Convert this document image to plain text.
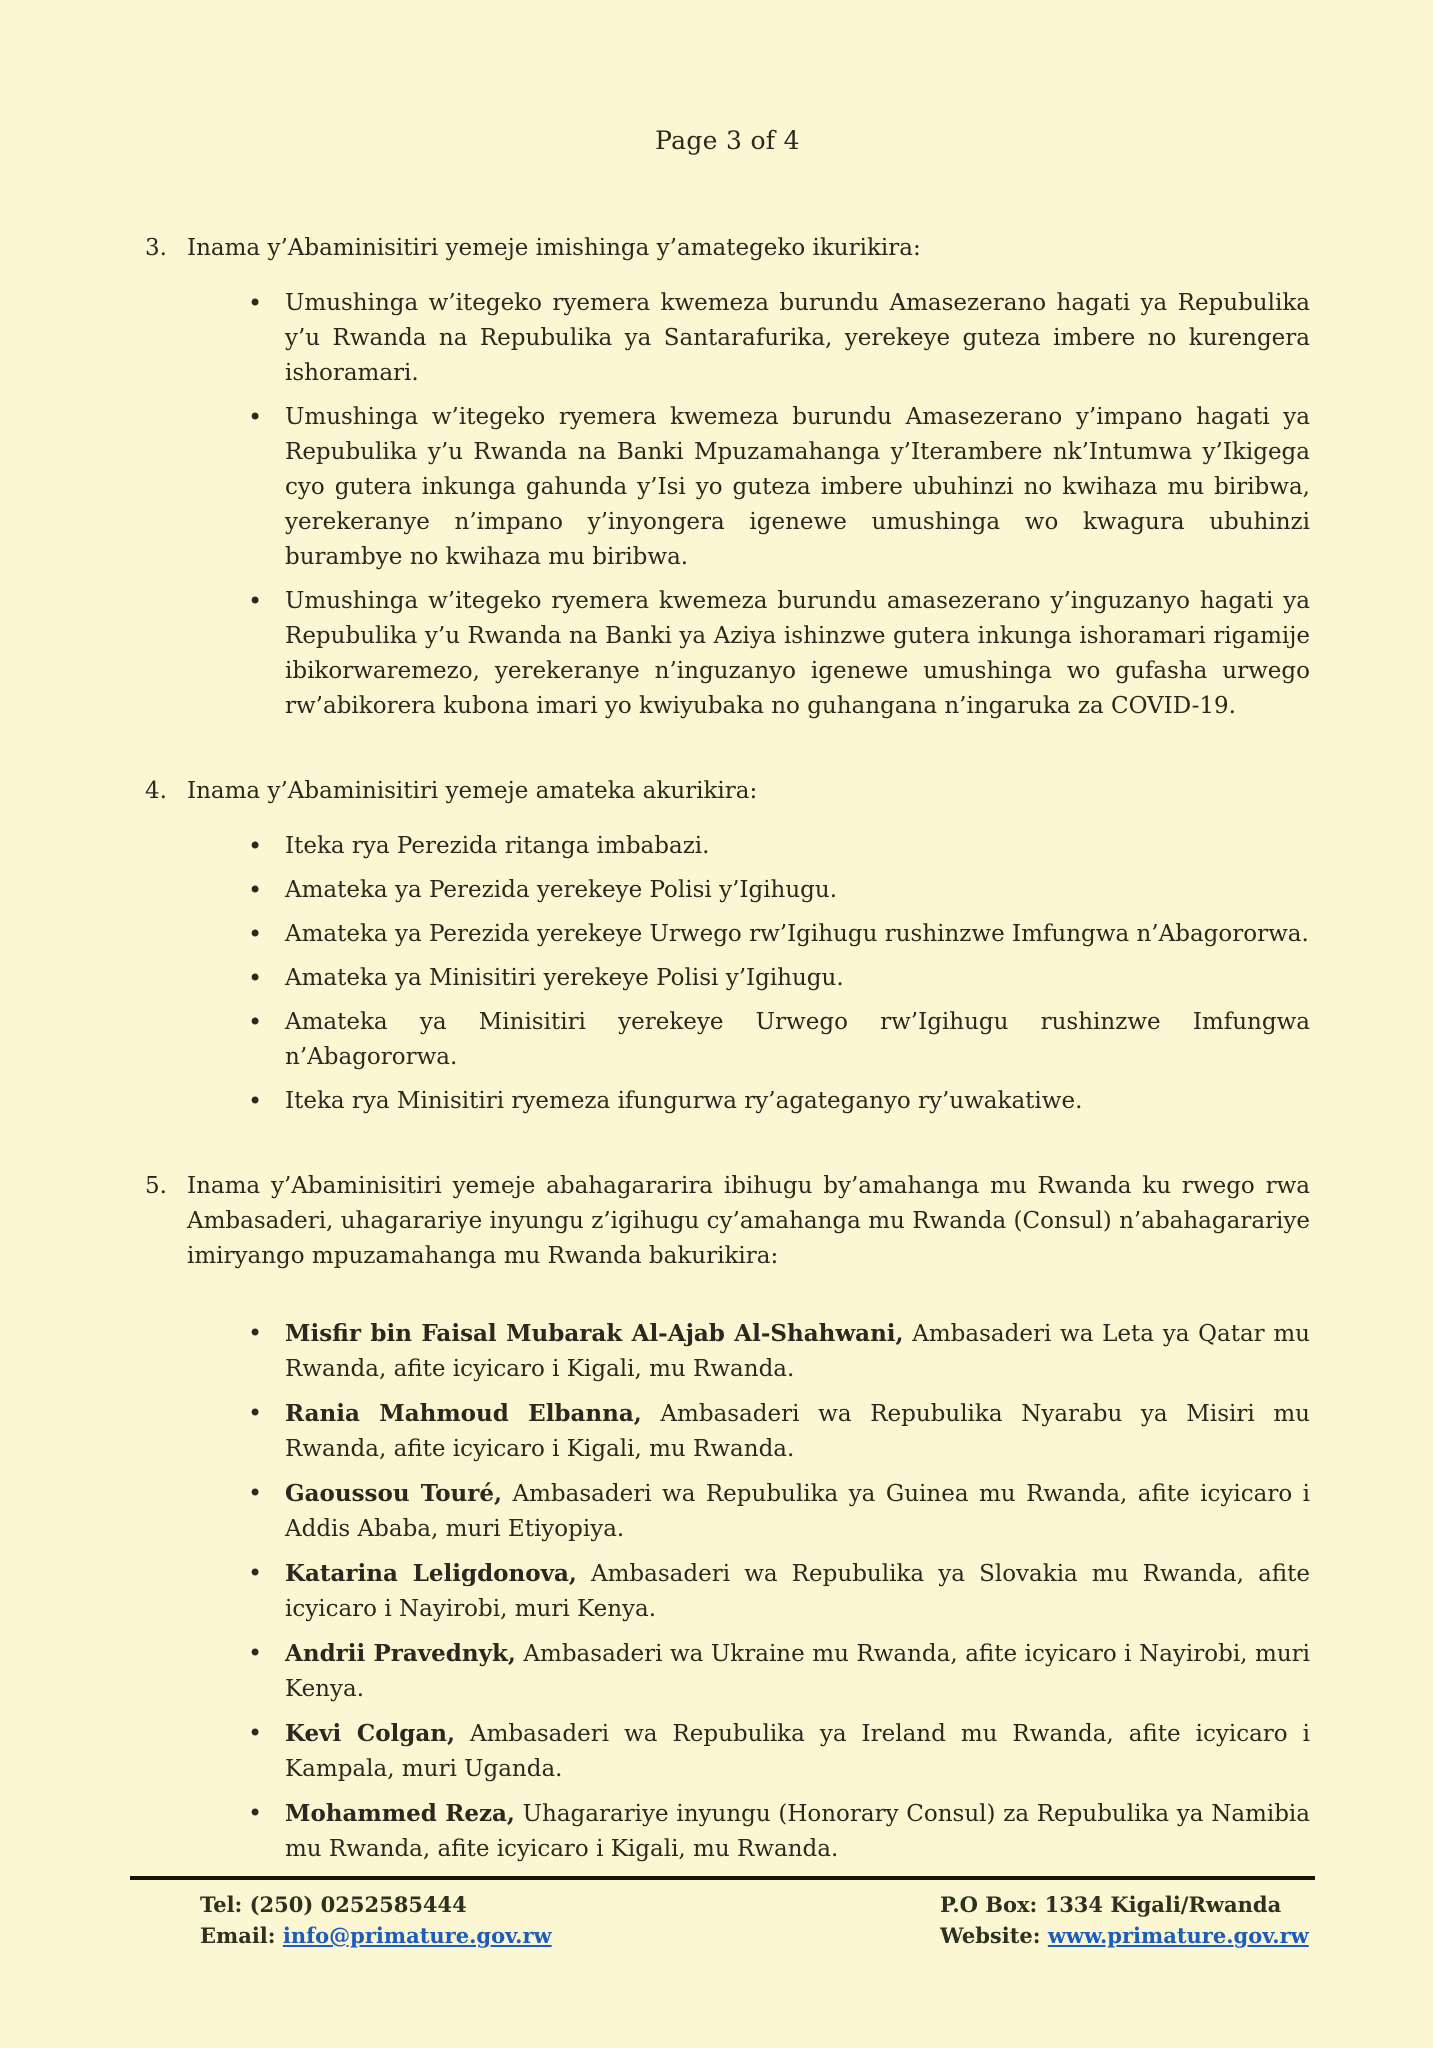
Page 3 of 4
3. Inama y’Abaminisitiri yemeje imishinga y’amategeko ikurikira:
• Umushinga w’itegeko ryemera kwemeza burundu Amasezerano hagati ya Repubulika y’u Rwanda na Repubulika ya Santarafurika, yerekeye guteza imbere no kurengera ishoramari.
• Umushinga w’itegeko ryemera kwemeza burundu Amasezerano y’impano hagati ya Repubulika y’u Rwanda na Banki Mpuzamahanga y’Iterambere nk’Intumwa y’Ikigega cyo gutera inkunga gahunda y’Isi yo guteza imbere ubuhinzi no kwihaza mu biribwa, yerekeranye n’impano y’inyongera igenewe umushinga wo kwagura ubuhinzi burambye no kwihaza mu biribwa.
• Umushinga w’itegeko ryemera kwemeza burundu amasezerano y’inguzanyo hagati ya Repubulika y’u Rwanda na Banki ya Aziya ishinzwe gutera inkunga ishoramari rigamije ibikorwaremezo, yerekeranye n’inguzanyo igenewe umushinga wo gufasha urwego rw’abikorera kubona imari yo kwiyubaka no guhangana n’ingaruka za COVID-19.
4. Inama y’Abaminisitiri yemeje amateka akurikira:
• Iteka rya Perezida ritanga imbabazi.
• Amateka ya Perezida yerekeye Polisi y’Igihugu.
• Amateka ya Perezida yerekeye Urwego rw’Igihugu rushinzwe Imfungwa n’Abagororwa.
• Amateka ya Minisitiri yerekeye Polisi y’Igihugu.
• Amateka ya Minisitiri yerekeye Urwego rw’Igihugu rushinzwe Imfungwa n’Abagororwa.
• Iteka rya Minisitiri ryemeza ifungurwa ry’agateganyo ry’uwakatiwe.
5. Inama y’Abaminisitiri yemeje abahagararira ibihugu by’amahanga mu Rwanda ku rwego rwa Ambasaderi, uhagarariye inyungu z’igihugu cy’amahanga mu Rwanda (Consul) n’abahagarariye imiryango mpuzamahanga mu Rwanda bakurikira:
• Misfir bin Faisal Mubarak Al-Ajab Al-Shahwani, Ambasaderi wa Leta ya Qatar mu Rwanda, afite icyicaro i Kigali, mu Rwanda.
• Rania Mahmoud Elbanna, Ambasaderi wa Repubulika Nyarabu ya Misiri mu Rwanda, afite icyicaro i Kigali, mu Rwanda.
• Gaoussou Touré, Ambasaderi wa Repubulika ya Guinea mu Rwanda, afite icyicaro i Addis Ababa, muri Etiyopiya.
• Katarina Leligdonova, Ambasaderi wa Repubulika ya Slovakia mu Rwanda, afite icyicaro i Nayirobi, muri Kenya.
• Andrii Pravednyk, Ambasaderi wa Ukraine mu Rwanda, afite icyicaro i Nayirobi, muri Kenya.
• Kevi Colgan, Ambasaderi wa Repubulika ya Ireland mu Rwanda, afite icyicaro i Kampala, muri Uganda.
• Mohammed Reza, Uhagarariye inyungu (Honorary Consul) za Repubulika ya Namibia mu Rwanda, afite icyicaro i Kigali, mu Rwanda.
Tel: (250) 0252585444
Email: info@primature.gov.rw
P.O Box: 1334 Kigali/Rwanda
Website: www.primature.gov.rw
